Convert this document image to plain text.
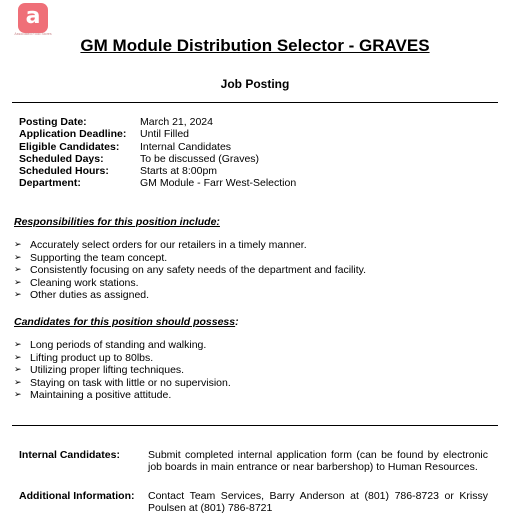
a
Associated Food Stores
GM Module Distribution Selector - GRAVES
Job Posting
Posting Date:	March 21, 2024
Application Deadline:	Until Filled
Eligible Candidates:	Internal Candidates
Scheduled Days:	To be discussed (Graves)
Scheduled Hours:	Starts at 8:00pm
Department:	GM Module - Farr West-Selection
Responsibilities for this position include:
➢ Accurately select orders for our retailers in a timely manner.
➢ Supporting the team concept.
➢ Consistently focusing on any safety needs of the department and facility.
➢ Cleaning work stations.
➢ Other duties as assigned.
Candidates for this position should possess:
➢ Long periods of standing and walking.
➢ Lifting product up to 80lbs.
➢ Utilizing proper lifting techniques.
➢ Staying on task with little or no supervision.
➢ Maintaining a positive attitude.
Internal Candidates:	Submit completed internal application form (can be found by electronic job boards in main entrance or near barbershop) to Human Resources.
Additional Information:	Contact Team Services, Barry Anderson at (801) 786-8723 or Krissy Poulsen at (801) 786-8721
